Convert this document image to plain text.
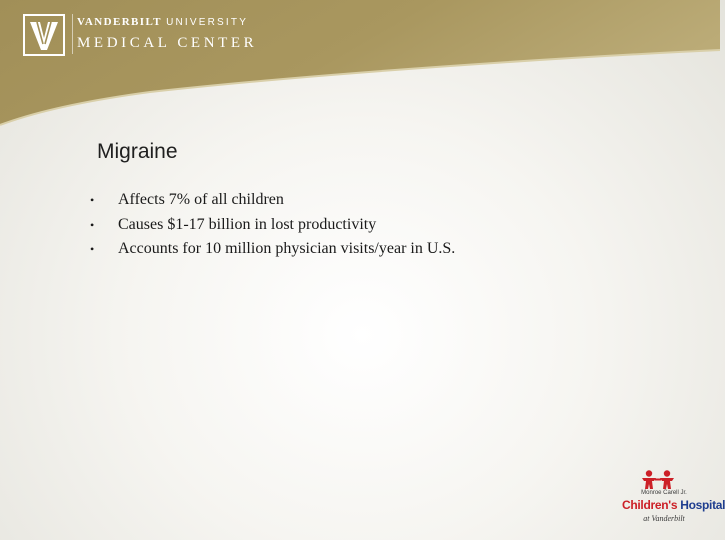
VANDERBILT UNIVERSITY
MEDICAL CENTER
Migraine
•	Affects 7% of all children
•	Causes $1-17 billion in lost productivity
•	Accounts for 10 million physician visits/year in U.S.
Monroe Carell Jr.
Children's Hospital
at Vanderbilt
